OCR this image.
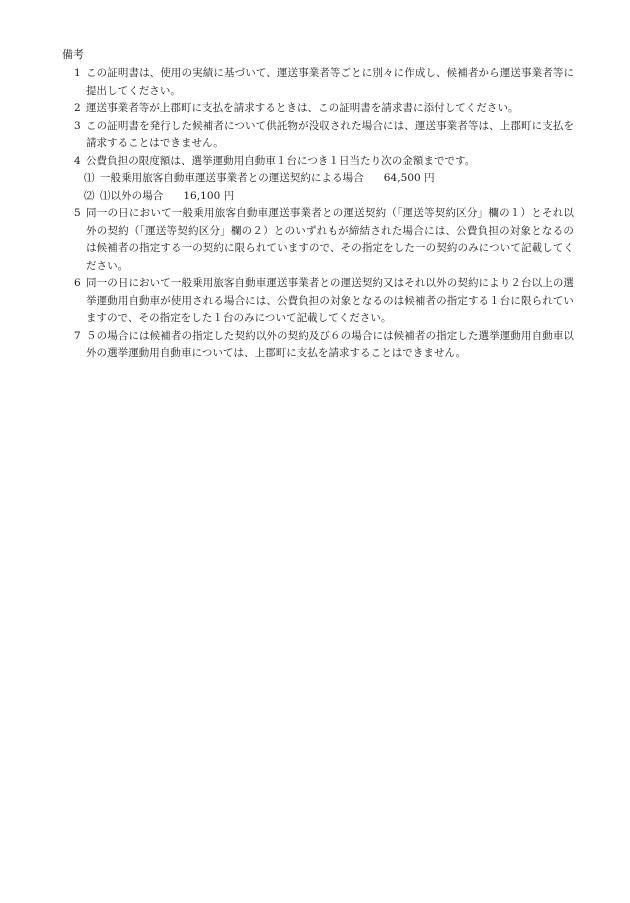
備考
1 この証明書は、使用の実績に基づいて、運送事業者等ごとに別々に作成し、候補者から運送事業者等に提出してください。
2 運送事業者等が上郡町に支払を請求するときは、この証明書を請求書に添付してください。
3 この証明書を発行した候補者について供託物が没収された場合には、運送事業者等は、上郡町に支払を請求することはできません。
4 公費負担の限度額は、選挙運動用自動車１台につき１日当たり次の金額までです。
⑴ 一般乗用旅客自動車運送事業者との運送契約による場合 64,500 円
⑵ ⑴以外の場合 16,100 円
5 同一の日において一般乗用旅客自動車運送事業者との運送契約（「運送等契約区分」欄の１）とそれ以外の契約（「運送等契約区分」欄の２）とのいずれもが締結された場合には、公費負担の対象となるのは候補者の指定する一の契約に限られていますので、その指定をした一の契約のみについて記載してください。
6 同一の日において一般乗用旅客自動車運送事業者との運送契約又はそれ以外の契約により２台以上の選挙運動用自動車が使用される場合には、公費負担の対象となるのは候補者の指定する１台に限られていますので、その指定をした１台のみについて記載してください。
7 ５の場合には候補者の指定した契約以外の契約及び６の場合には候補者の指定した選挙運動用自動車以外の選挙運動用自動車については、上郡町に支払を請求することはできません。
